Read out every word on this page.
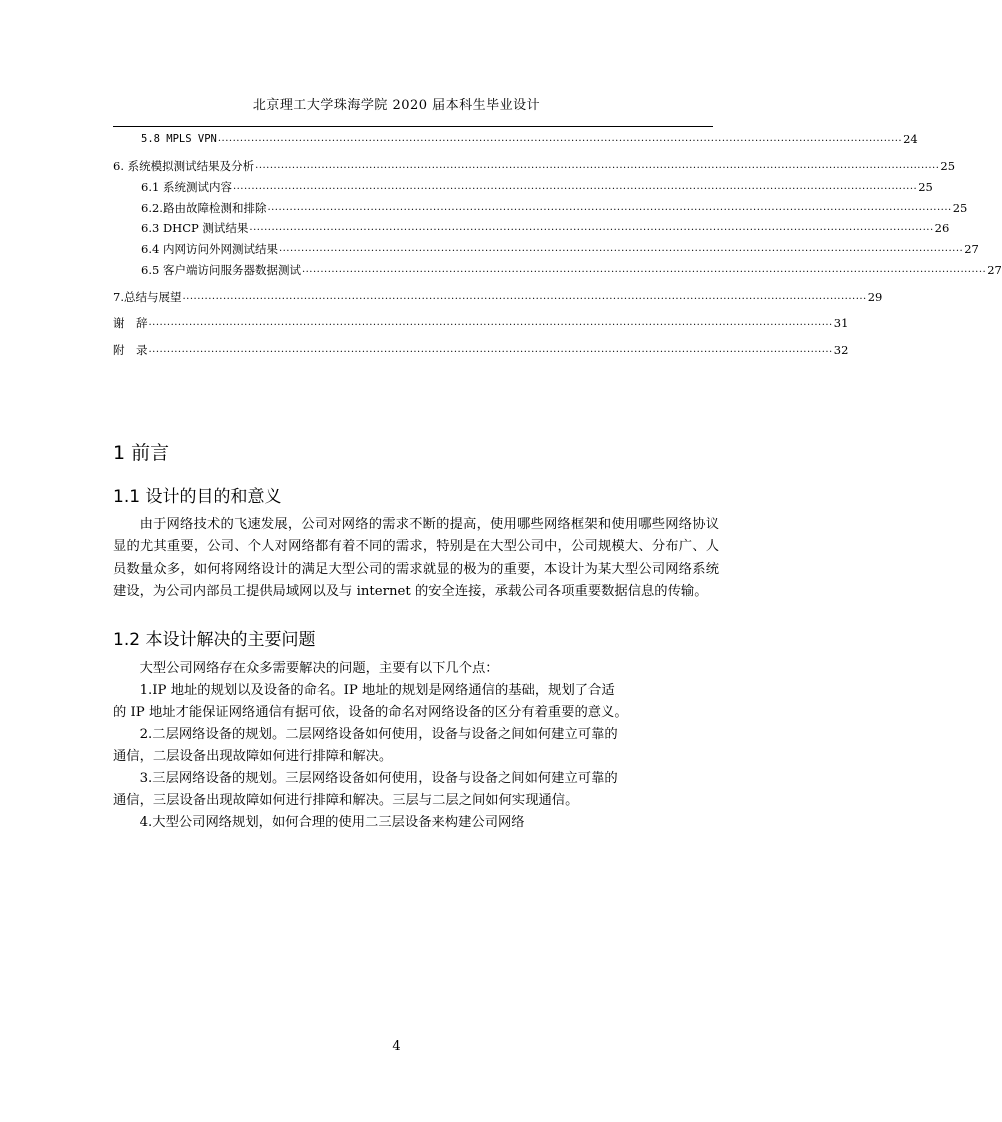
北京理工大学珠海学院 2020 届本科生毕业设计
5.8 MPLS VPN .......................................................................................................................................................................................... 24
6. 系统模拟测试结果及分析 .......................................................................................................................................................................................... 25
6.1 系统测试内容 .......................................................................................................................................................................................... 25
6.2.路由故障检测和排除 .......................................................................................................................................................................................... 25
6.3 DHCP 测试结果 .......................................................................................................................................................................................... 26
6.4 内网访问外网测试结果 .......................................................................................................................................................................................... 27
6.5 客户端访问服务器数据测试 .......................................................................................................................................................................................... 27
7.总结与展望 .......................................................................................................................................................................................... 29
谢　辞 .......................................................................................................................................................................................... 31
附　录 .......................................................................................................................................................................................... 32
1 前言
1.1 设计的目的和意义
由于网络技术的飞速发展，公司对网络的需求不断的提高，使用哪些网络框架和使用哪些网络协议显的尤其重要，公司、个人对网络都有着不同的需求，特别是在大型公司中，公司规模大、分布广、人员数量众多，如何将网络设计的满足大型公司的需求就显的极为的重要，本设计为某大型公司网络系统建设，为公司内部员工提供局域网以及与 internet 的安全连接，承载公司各项重要数据信息的传输。
1.2 本设计解决的主要问题
大型公司网络存在众多需要解决的问题，主要有以下几个点：
1.IP 地址的规划以及设备的命名。IP 地址的规划是网络通信的基础，规划了合适
的 IP 地址才能保证网络通信有据可依，设备的命名对网络设备的区分有着重要的意义。
2.二层网络设备的规划。二层网络设备如何使用，设备与设备之间如何建立可靠的
通信，二层设备出现故障如何进行排障和解决。
3.三层网络设备的规划。三层网络设备如何使用，设备与设备之间如何建立可靠的
通信，三层设备出现故障如何进行排障和解决。三层与二层之间如何实现通信。
4.大型公司网络规划，如何合理的使用二三层设备来构建公司网络
4
